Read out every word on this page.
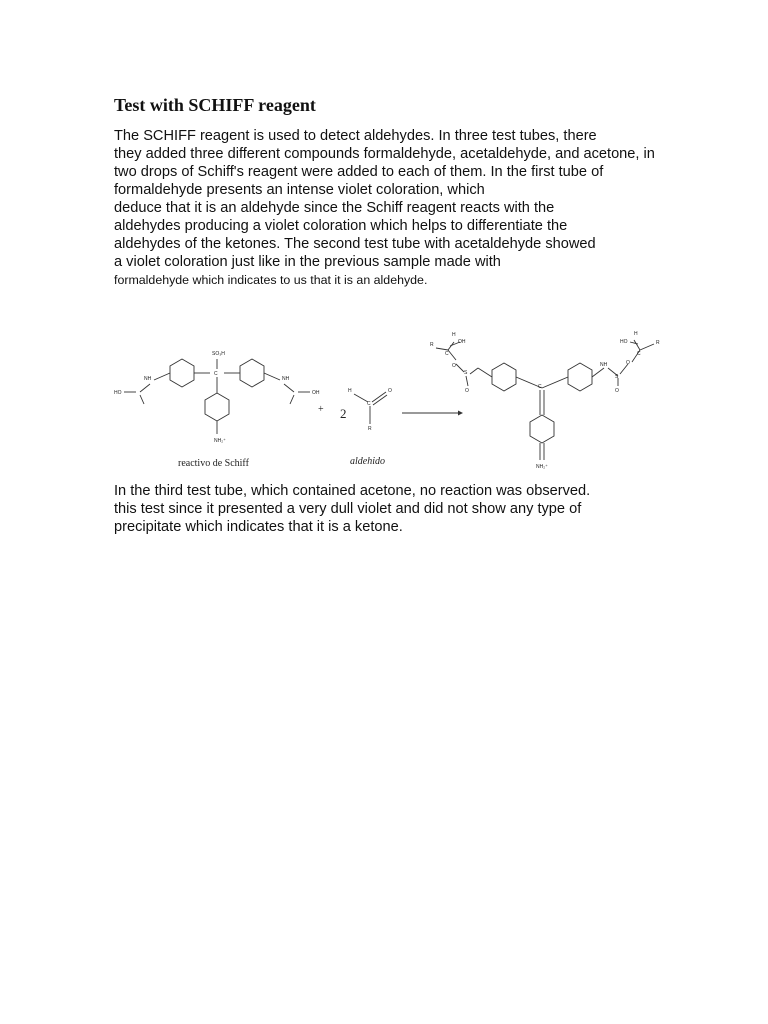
Test with SCHIFF reagent
The SCHIFF reagent is used to detect aldehydes. In three test tubes, there
they added three different compounds formaldehyde, acetaldehyde, and acetone, in
two drops of Schiff's reagent were added to each of them. In the first tube of
formaldehyde presents an intense violet coloration, which
deduce that it is an aldehyde since the Schiff reagent reacts with the
aldehydes producing a violet coloration which helps to differentiate the
aldehydes of the ketones. The second test tube with acetaldehyde showed
a violet coloration just like in the previous sample made with
formaldehyde which indicates to us that it is an aldehyde.
SO₃H
C
NH	NH
HO	OH
NH₂⁺
reactivo de Schiff
+ 2
H
C
O
R
aldehido
R
H
OH
C
O
S
O
C
NH
S
O
O
C
HO
H
R
NH₂⁺
In the third test tube, which contained acetone, no reaction was observed.
this test since it presented a very dull violet and did not show any type of
precipitate which indicates that it is a ketone.
